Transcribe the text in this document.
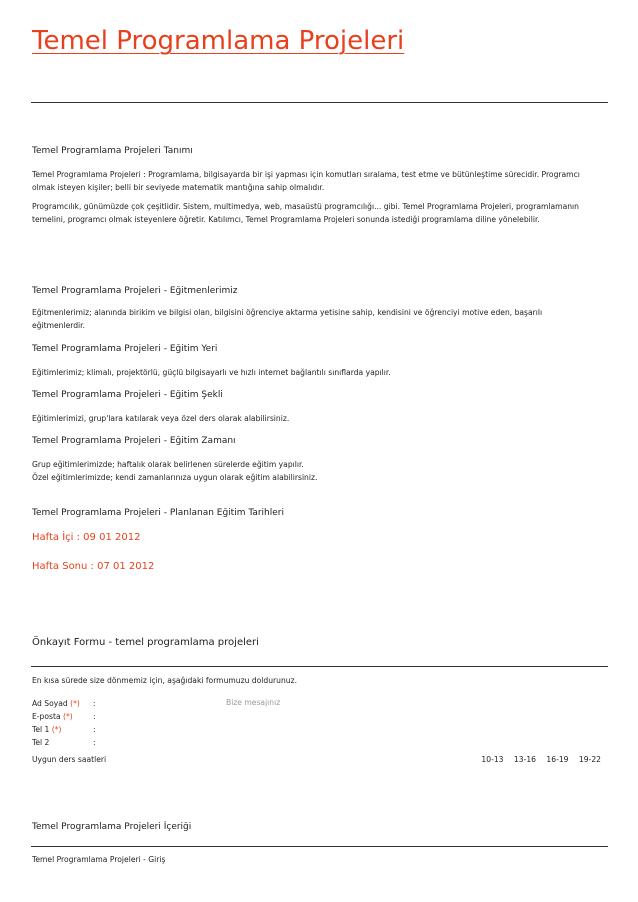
Temel Programlama Projeleri
Temel Programlama Projeleri Tanımı
Temel Programlama Projeleri : Programlama, bilgisayarda bir işi yapması için komutları sıralama, test etme ve bütünleştime sürecidir. Programcı olmak isteyen kişiler; belli bir seviyede matematik mantığına sahip olmalıdır.
Programcılık, günümüzde çok çeşitlidir. Sistem, multimedya, web, masaüstü programcılığı... gibi. Temel Programlama Projeleri, programlamanın temelini, programcı olmak isteyenlere öğretir. Katılımcı, Temel Programlama Projeleri sonunda istediği programlama diline yönelebilir.
Temel Programlama Projeleri - Eğitmenlerimiz
Eğitmenlerimiz; alanında birikim ve bilgisi olan, bilgisini öğrenciye aktarma yetisine sahip, kendisini ve öğrenciyi motive eden, başarılı eğitmenlerdir.
Temel Programlama Projeleri - Eğitim Yeri
Eğitimlerimiz; klimalı, projektörlü, güçlü bilgisayarlı ve hızlı internet bağlantılı sınıflarda yapılır.
Temel Programlama Projeleri - Eğitim Şekli
Eğitimlerimizi, grup'lara katılarak veya özel ders olarak alabilirsiniz.
Temel Programlama Projeleri - Eğitim Zamanı
Grup eğitimlerimizde; haftalık olarak belirlenen sürelerde eğitim yapılır.
Özel eğitimlerimizde; kendi zamanlarınıza uygun olarak eğitim alabilirsiniz.
Temel Programlama Projeleri - Planlanan Eğitim Tarihleri
Hafta İçi : 09 01 2012
Hafta Sonu : 07 01 2012
Önkayıt Formu - temel programlama projeleri
En kısa sürede size dönmemiz için, aşağıdaki formumuzu doldurunuz.
Ad Soyad (*) :	Bize mesajınız
E-posta (*)	:
Tel 1 (*)	:
Tel 2	:
Uygun ders saatleri	10-13 13-16 16-19 19-22
Temel Programlama Projeleri İçeriği
Temel Programlama Projeleri - Giriş
